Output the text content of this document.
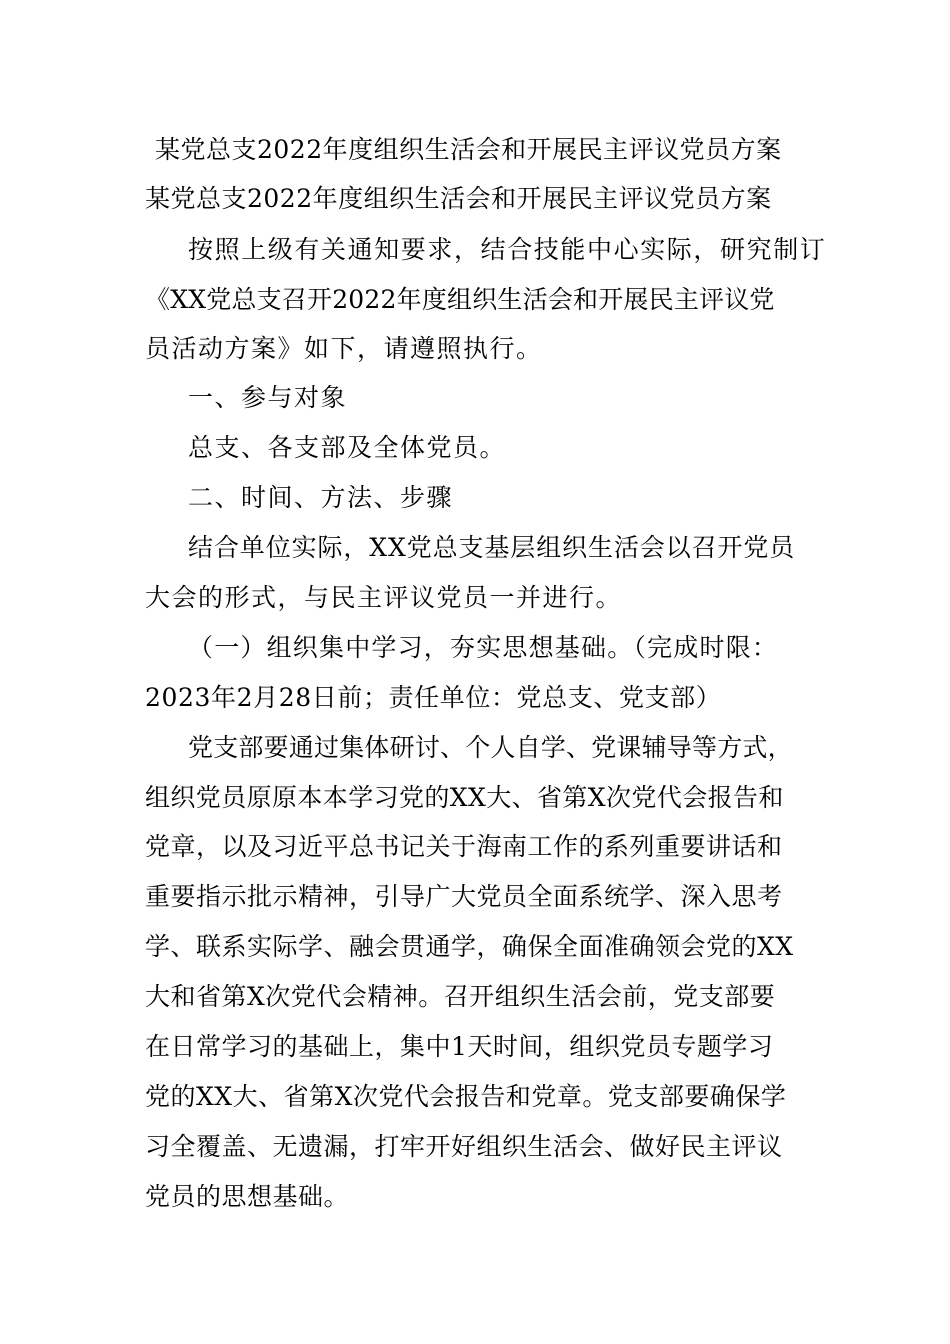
某党总支2022年度组织生活会和开展民主评议党员方案

某党总支2022年度组织生活会和开展民主评议党员方案

按照上级有关通知要求，结合技能中心实际，研究制订

《XX党总支召开2022年度组织生活会和开展民主评议党

员活动方案》如下，请遵照执行。

一、参与对象

总支、各支部及全体党员。

二、时间、方法、步骤

结合单位实际，XX党总支基层组织生活会以召开党员

大会的形式，与民主评议党员一并进行。

（一）组织集中学习，夯实思想基础。（完成时限：

2023年2月28日前；责任单位：党总支、党支部）

党支部要通过集体研讨、个人自学、党课辅导等方式，

组织党员原原本本学习党的XX大、省第X次党代会报告和

党章，以及习近平总书记关于海南工作的系列重要讲话和

重要指示批示精神，引导广大党员全面系统学、深入思考

学、联系实际学、融会贯通学，确保全面准确领会党的XX

大和省第X次党代会精神。召开组织生活会前，党支部要

在日常学习的基础上，集中1天时间，组织党员专题学习

党的XX大、省第X次党代会报告和党章。党支部要确保学

习全覆盖、无遗漏，打牢开好组织生活会、做好民主评议

党员的思想基础。
